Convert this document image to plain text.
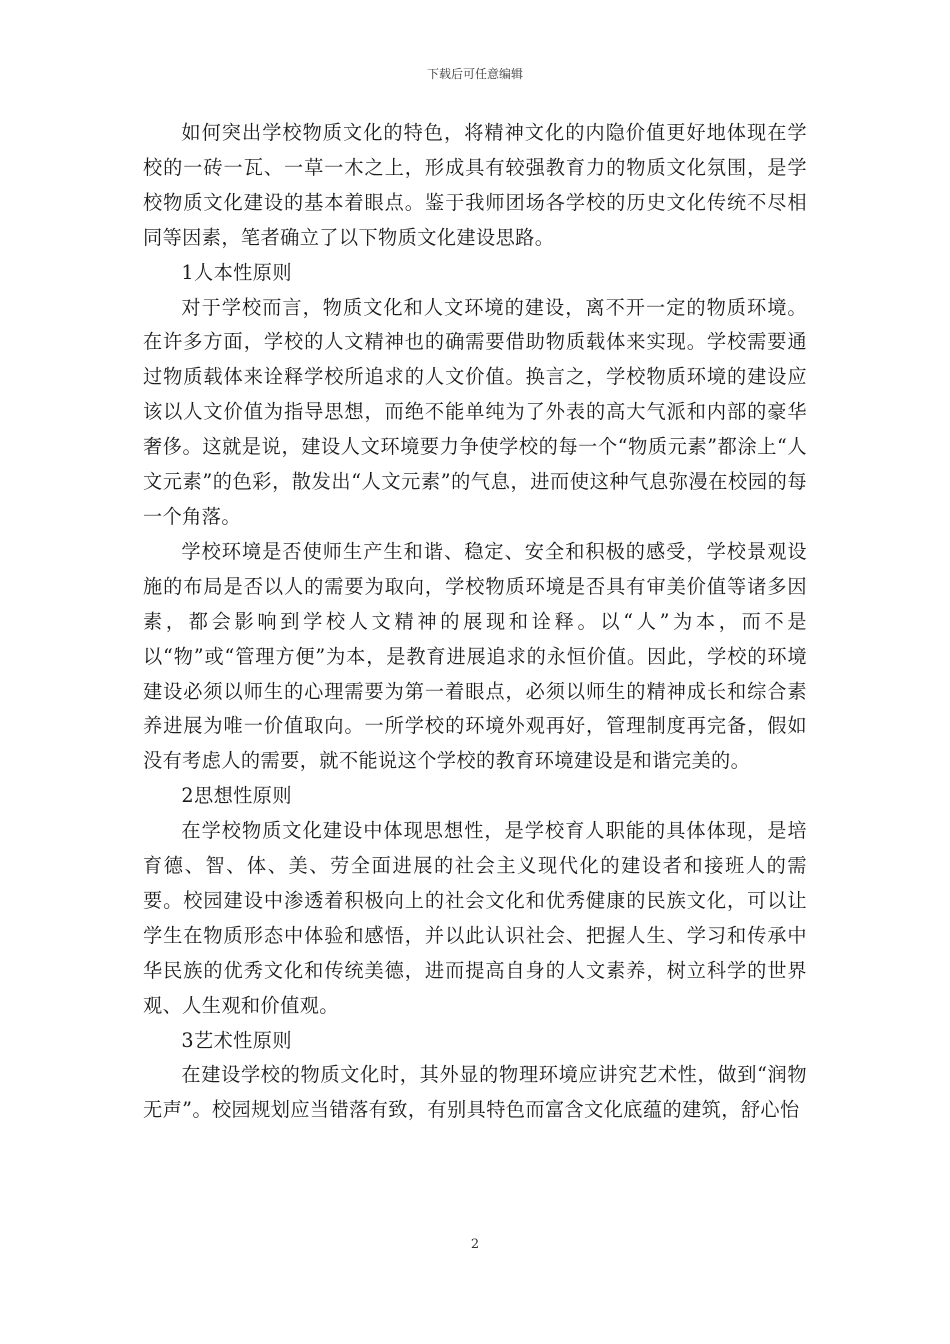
下载后可任意编辑

如何突出学校物质文化的特色，将精神文化的内隐价值更好地体现在学校的一砖一瓦、一草一木之上，形成具有较强教育力的物质文化氛围，是学校物质文化建设的基本着眼点。鉴于我师团场各学校的历史文化传统不尽相同等因素，笔者确立了以下物质文化建设思路。

1人本性原则

对于学校而言，物质文化和人文环境的建设，离不开一定的物质环境。在许多方面，学校的人文精神也的确需要借助物质载体来实现。学校需要通过物质载体来诠释学校所追求的人文价值。换言之，学校物质环境的建设应该以人文价值为指导思想，而绝不能单纯为了外表的高大气派和内部的豪华奢侈。这就是说，建设人文环境要力争使学校的每一个“物质元素”都涂上“人文元素”的色彩，散发出“人文元素”的气息，进而使这种气息弥漫在校园的每一个角落。

学校环境是否使师生产生和谐、稳定、安全和积极的感受，学校景观设施的布局是否以人的需要为取向，学校物质环境是否具有审美价值等诸多因素，都会影响到学校人文精神的展现和诠释。以“人”为本，而不是以“物”或“管理方便”为本，是教育进展追求的永恒价值。因此，学校的环境建设必须以师生的心理需要为第一着眼点，必须以师生的精神成长和综合素养进展为唯一价值取向。一所学校的环境外观再好，管理制度再完备，假如没有考虑人的需要，就不能说这个学校的教育环境建设是和谐完美的。

2思想性原则

在学校物质文化建设中体现思想性，是学校育人职能的具体体现，是培育德、智、体、美、劳全面进展的社会主义现代化的建设者和接班人的需要。校园建设中渗透着积极向上的社会文化和优秀健康的民族文化，可以让学生在物质形态中体验和感悟，并以此认识社会、把握人生、学习和传承中华民族的优秀文化和传统美德，进而提高自身的人文素养，树立科学的世界观、人生观和价值观。

3艺术性原则

在建设学校的物质文化时，其外显的物理环境应讲究艺术性，做到“润物无声”。校园规划应当错落有致，有别具特色而富含文化底蕴的建筑，舒心怡

2
